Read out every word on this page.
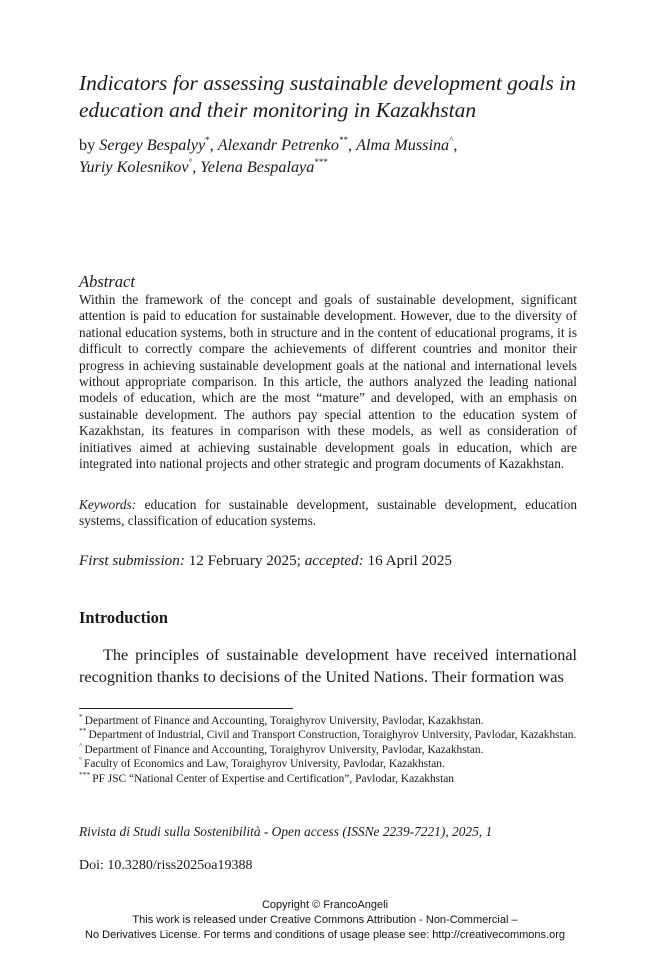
Indicators for assessing sustainable development goals in education and their monitoring in Kazakhstan
by Sergey Bespalyy*, Alexandr Petrenko**, Alma Mussina^,
Yuriy Kolesnikov°, Yelena Bespalaya***
Abstract

Within the framework of the concept and goals of sustainable development, significant attention is paid to education for sustainable development. However, due to the diversity of national education systems, both in structure and in the content of educational programs, it is difficult to correctly compare the achievements of different countries and monitor their progress in achieving sustainable development goals at the national and international levels without appropriate comparison. In this article, the authors analyzed the leading national models of education, which are the most “mature” and developed, with an emphasis on sustainable development. The authors pay special attention to the education system of Kazakhstan, its features in comparison with these models, as well as consideration of initiatives aimed at achieving sustainable development goals in education, which are integrated into national projects and other strategic and program documents of Kazakhstan.

Keywords: education for sustainable development, sustainable development, education systems, classification of education systems.

First submission: 12 February 2025; accepted: 16 April 2025

Introduction

The principles of sustainable development have received international recognition thanks to decisions of the United Nations. Their formation was

* Department of Finance and Accounting, Toraighyrov University, Pavlodar, Kazakhstan.

** Department of Industrial, Civil and Transport Construction, Toraighyrov University, Pavlodar, Kazakhstan.

^ Department of Finance and Accounting, Toraighyrov University, Pavlodar, Kazakhstan.

° Faculty of Economics and Law, Toraighyrov University, Pavlodar, Kazakhstan.

*** PF JSC “National Center of Expertise and Certification”, Pavlodar, Kazakhstan

Rivista di Studi sulla Sostenibilità - Open access (ISSNe 2239-7221), 2025, 1

Doi: 10.3280/riss2025oa19388

Copyright © FrancoAngeli
This work is released under Creative Commons Attribution - Non-Commercial –
No Derivatives License. For terms and conditions of usage please see: http://creativecommons.org
